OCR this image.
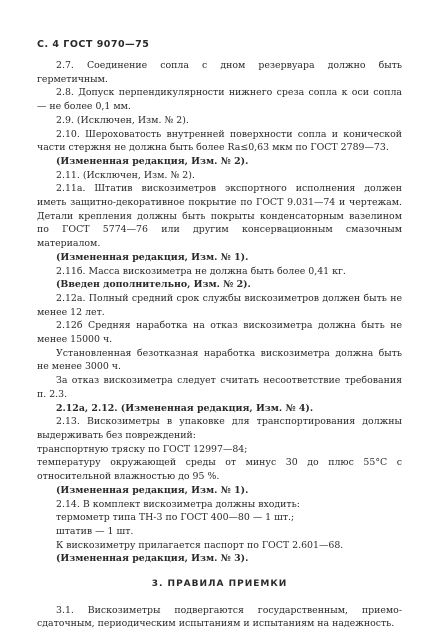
С. 4 ГОСТ 9070—75

2.7. Соединение сопла с дном резервуара должно быть герметичным.

2.8. Допуск перпендикулярности нижнего среза сопла к оси сопла — не более 0,1 мм.

2.9. (Исключен, Изм. № 2).

2.10. Шероховатость внутренней поверхности сопла и конической части стержня не должна быть более Ra≤0,63 мкм по ГОСТ 2789—73.

(Измененная редакция, Изм. № 2).

2.11. (Исключен, Изм. № 2).

2.11а. Штатив вискозиметров экспортного исполнения должен иметь защитно-декоративное покрытие по ГОСТ 9.031—74 и чертежам. Детали крепления должны быть покрыты конденсаторным вазелином по ГОСТ 5774—76 или другим консервационным смазочным материалом.

(Измененная редакция, Изм. № 1).

2.11б. Масса вискозиметра не должна быть более 0,41 кг.

(Введен дополнительно, Изм. № 2).

2.12а. Полный средний срок службы вискозиметров должен быть не менее 12 лет.

2.12б Средняя наработка на отказ вискозиметра должна быть не менее 15000 ч.

Установленная безотказная наработка вискозиметра должна быть не менее 3000 ч.

За отказ вискозиметра следует считать несоответствие требования п. 2.3.

2.12а, 2.12. (Измененная редакция, Изм. № 4).

2.13. Вискозиметры в упаковке для транспортирования должны выдерживать без повреждений:

транспортную тряску по ГОСТ 12997—84;

температуру окружающей среды от минус 30 до плюс 55°C с относительной влажностью до 95 %.

(Измененная редакция, Изм. № 1).

2.14. В комплект вискозиметра должны входить:

термометр типа ТН-3 по ГОСТ 400—80 — 1 шт.;

штатив — 1 шт.

К вискозиметру прилагается паспорт по ГОСТ 2.601—68.

(Измененная редакция, Изм. № 3).

3. ПРАВИЛА ПРИЕМКИ

3.1. Вискозиметры подвергаются государственным, приемо-сдаточным, периодическим испытаниям и испытаниям на надежность.
